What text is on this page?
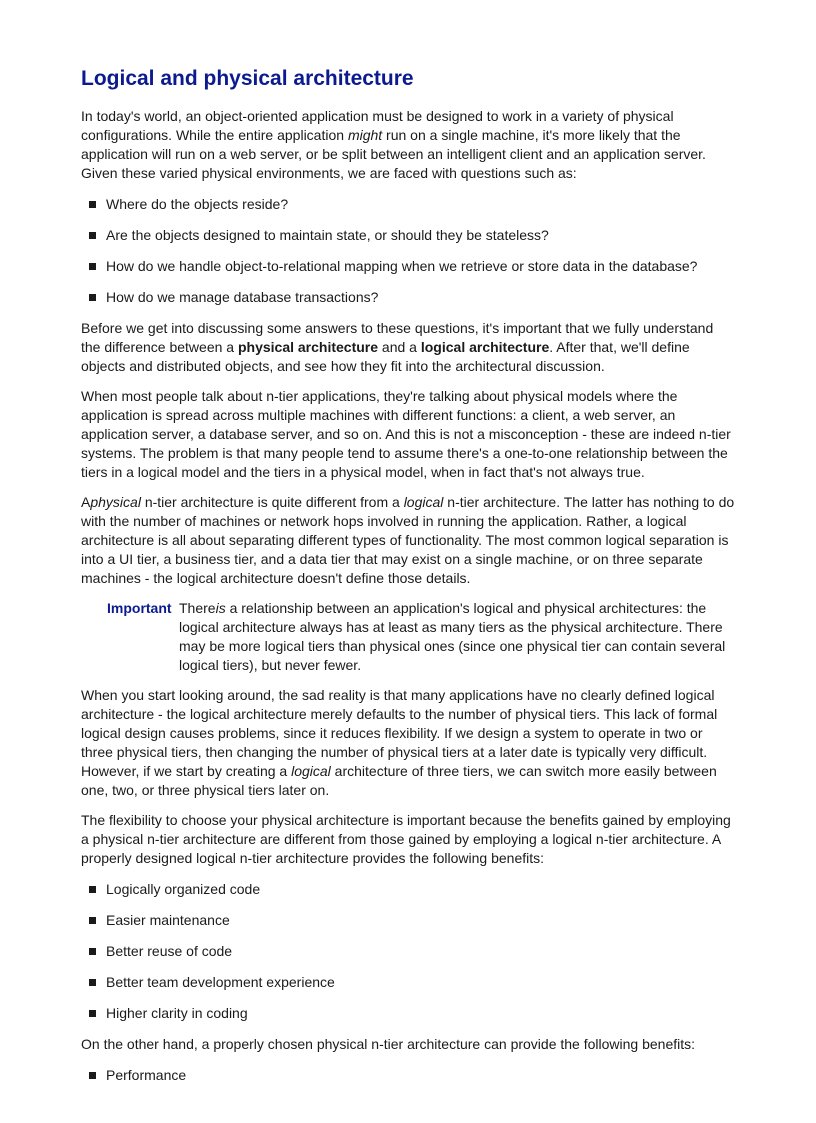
Logical and physical architecture

In today's world, an object-oriented application must be designed to work in a variety of physical configurations. While the entire application might run on a single machine, it's more likely that the application will run on a web server, or be split between an intelligent client and an application server. Given these varied physical environments, we are faced with questions such as:

Where do the objects reside?
Are the objects designed to maintain state, or should they be stateless?
How do we handle object-to-relational mapping when we retrieve or store data in the database?
How do we manage database transactions?

Before we get into discussing some answers to these questions, it's important that we fully understand the difference between a physical architecture and a logical architecture. After that, we'll define objects and distributed objects, and see how they fit into the architectural discussion.

When most people talk about n-tier applications, they're talking about physical models where the application is spread across multiple machines with different functions: a client, a web server, an application server, a database server, and so on. And this is not a misconception - these are indeed n-tier systems. The problem is that many people tend to assume there's a one-to-one relationship between the tiers in a logical model and the tiers in a physical model, when in fact that's not always true.

Aphysical n-tier architecture is quite different from a logical n-tier architecture. The latter has nothing to do with the number of machines or network hops involved in running the application. Rather, a logical architecture is all about separating different types of functionality. The most common logical separation is into a UI tier, a business tier, and a data tier that may exist on a single machine, or on three separate machines - the logical architecture doesn't define those details.

Important Thereis a relationship between an application's logical and physical architectures: the logical architecture always has at least as many tiers as the physical architecture. There may be more logical tiers than physical ones (since one physical tier can contain several logical tiers), but never fewer.

When you start looking around, the sad reality is that many applications have no clearly defined logical architecture - the logical architecture merely defaults to the number of physical tiers. This lack of formal logical design causes problems, since it reduces flexibility. If we design a system to operate in two or three physical tiers, then changing the number of physical tiers at a later date is typically very difficult. However, if we start by creating a logical architecture of three tiers, we can switch more easily between one, two, or three physical tiers later on.

The flexibility to choose your physical architecture is important because the benefits gained by employing a physical n-tier architecture are different from those gained by employing a logical n-tier architecture. A properly designed logical n-tier architecture provides the following benefits:

Logically organized code
Easier maintenance
Better reuse of code
Better team development experience
Higher clarity in coding

On the other hand, a properly chosen physical n-tier architecture can provide the following benefits:

Performance
